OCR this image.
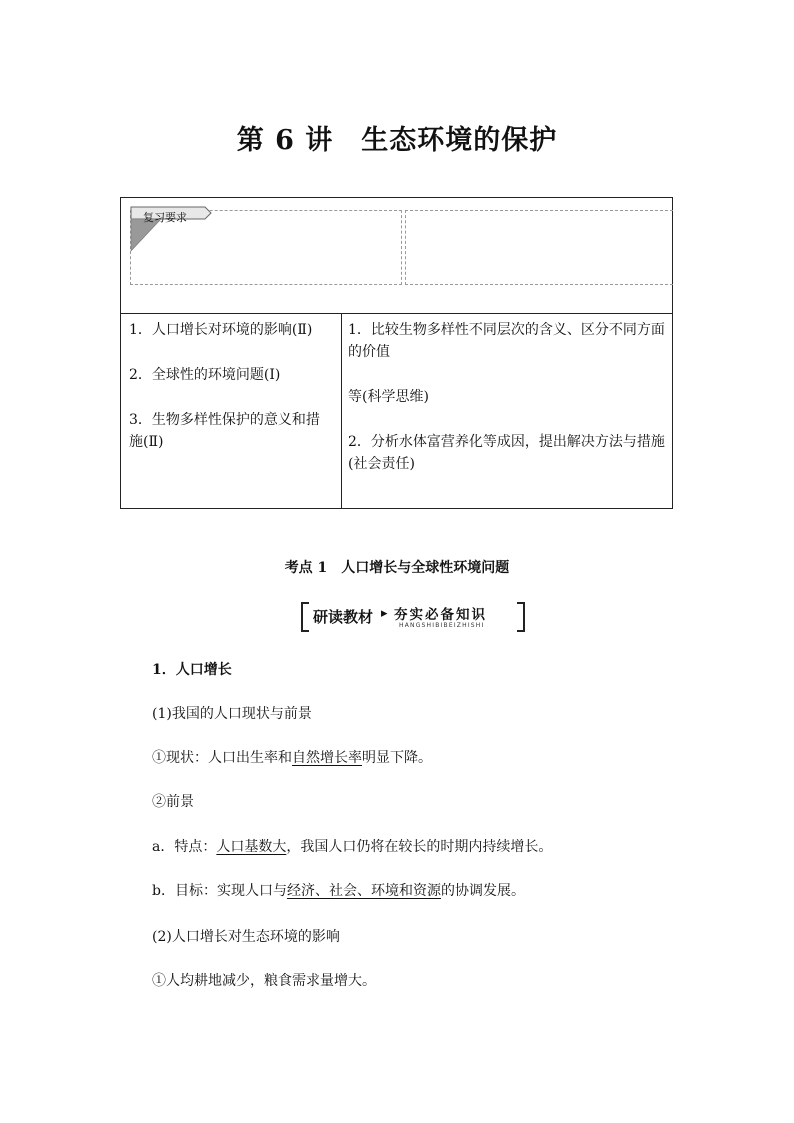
第 6 讲　生态环境的保护
复习要求

1．人口增长对环境的影响(Ⅱ)

2．全球性的环境问题(Ⅰ)

3．生物多样性保护的意义和措施(Ⅱ)

1．比较生物多样性不同层次的含义、区分不同方面的价值

等(科学思维)

2．分析水体富营养化等成因，提出解决方法与措施(社会责任)

考点 1　人口增长与全球性环境问题
研读教材 ▸ 夯实必备知识
HANGSHIBIBEIZHISHI
1．人口增长
(1)我国的人口现状与前景
①现状：人口出生率和自然增长率明显下降。
②前景
a．特点：人口基数大，我国人口仍将在较长的时期内持续增长。
b．目标：实现人口与经济、社会、环境和资源的协调发展。
(2)人口增长对生态环境的影响
①人均耕地减少，粮食需求量增大。
